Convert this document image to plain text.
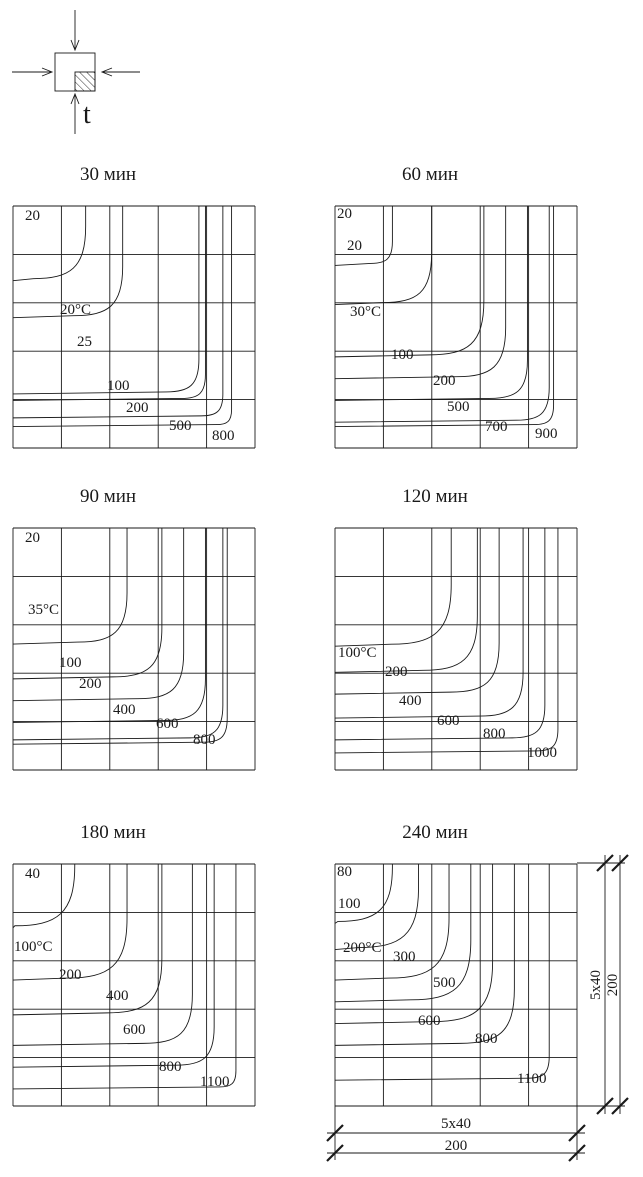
t
30 мин
20
20°C
25
100
200
500
800
60 мин
20
20
30°C
100
200
500
700 900
90 мин
20
35°C
100
200
400
600
800
120 мин
100°C
200
400
600
800
1000
180 мин
40
100°C
200
400
600
800
1100
240 мин
80
100
200°C
300
500
600
800
1100
5x40 200
5x40
200
